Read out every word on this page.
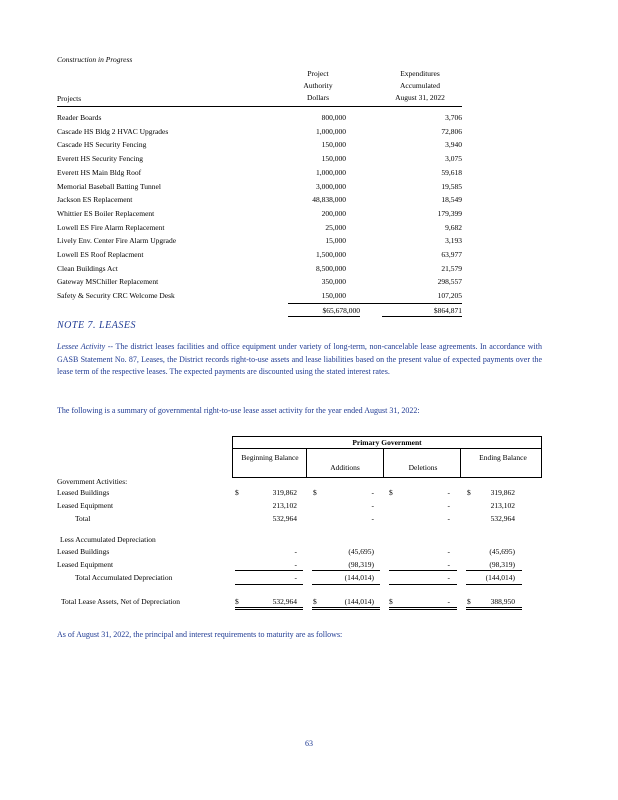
Construction in Progress
Project
Authority
Dollars
Expenditures
Accumulated
August 31, 2022
Projects
Reader Boards	800,000	3,706
Cascade HS Bldg 2 HVAC Upgrades	1,000,000	72,806
Cascade HS Security Fencing	150,000	3,940
Everett HS Security Fencing	150,000	3,075
Everett HS Main Bldg Roof	1,000,000	59,618
Memorial Baseball Batting Tunnel	3,000,000	19,585
Jackson ES Replacement	48,838,000	18,549
Whittier ES Boiler Replacement	200,000	179,399
Lowell ES Fire Alarm Replacement	25,000	9,682
Lively Env. Center Fire Alarm Upgrade	15,000	3,193
Lowell ES Roof Replacment	1,500,000	63,977
Clean Buildings Act	8,500,000	21,579
Gateway MSChiller Replacement	350,000	298,557
Safety & Security CRC Welcome Desk	150,000	107,205
$65,678,000	$864,871
NOTE 7. LEASES
Lessee Activity -- The district leases facilities and office equipment under variety of long-term, non-cancelable lease agreements. In accordance with GASB Statement No. 87, Leases, the District records right-to-use assets and lease liabilities based on the present value of expected payments over the lease term of the respective leases. The expected payments are discounted using the stated interest rates.
The following is a summary of governmental right-to-use lease asset activity for the year ended August 31, 2022:
Primary Government
Beginning Balance
Additions	Deletions
Ending Balance
Government Activities:
Leased Buildings	$	319,862 $	- $	- $	319,862
Leased Equipment	213,102	-	-	213,102
Total	532,964	-	-	532,964
Less Accumulated Depreciation
Leased Buildings	-	(45,695)	-	(45,695)
Leased Equipment	-	(98,319)	-	(98,319)
Total Accumulated Depreciation	-	(144,014)	-	(144,014)
Total Lease Assets, Net of Depreciation	$	532,964 $	(144,014) $	- $	388,950
As of August 31, 2022, the principal and interest requirements to maturity are as follows:
63
